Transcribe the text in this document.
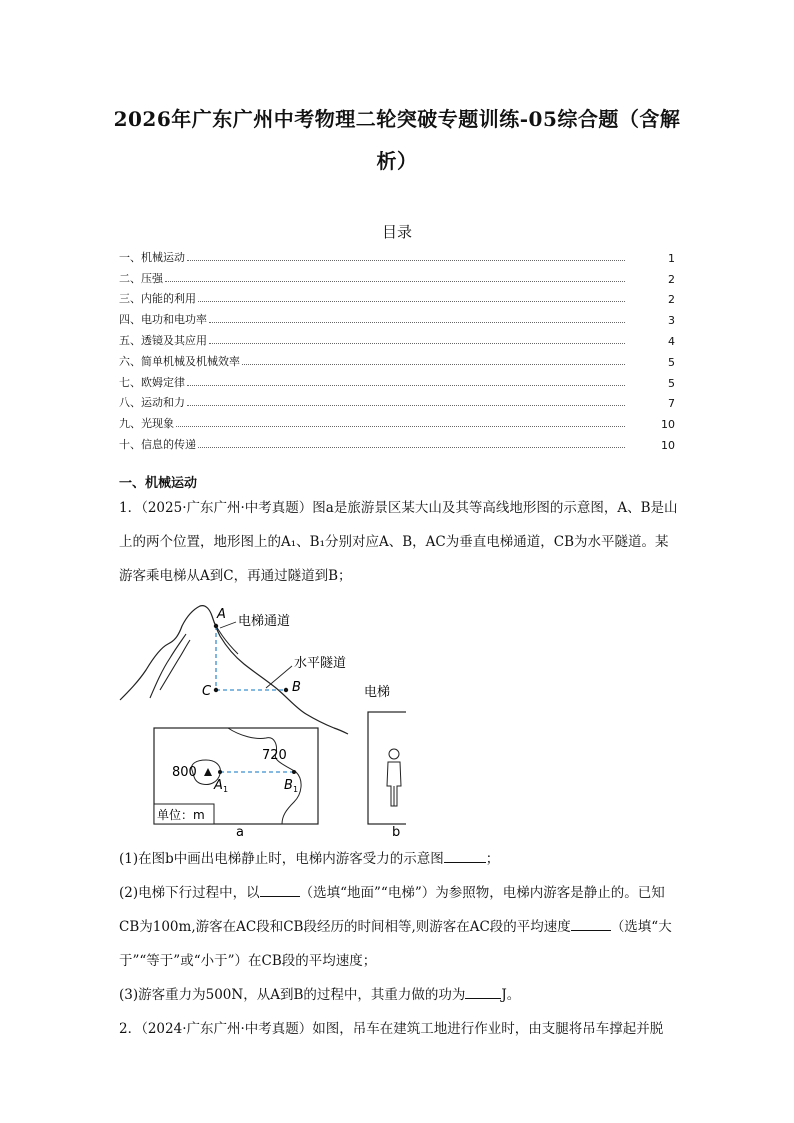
2026年广东广州中考物理二轮突破专题训练-05综合题（含解
析）
目录
一、机械运动	1
二、压强	2
三、内能的利用	2
四、电功和电功率	3
五、透镜及其应用	4
六、简单机械及机械效率	5
七、欧姆定律	5
八、运动和力	7
九、光现象	10
十、信息的传递	10
一、机械运动
1．（2025·广东广州·中考真题）图a是旅游景区某大山及其等高线地形图的示意图，A、B是山上的两个位置，地形图上的A₁、B₁分别对应A、B，AC为垂直电梯通道，CB为水平隧道。某游客乘电梯从A到C，再通过隧道到B；
A
C	B
电梯通道
水平隧道
720
800
A 1	B 1
单位：m
a
电梯
b
(1)在图b中画出电梯静止时，电梯内游客受力的示意图	；
(2)电梯下行过程中，以	（选填“地面”“电梯”）为参照物，电梯内游客是静止的。已知CB为100m,游客在AC段和CB段经历的时间相等,则游客在AC段的平均速度	（选填“大于”“等于”或“小于”）在CB段的平均速度；
(3)游客重力为500N，从A到B的过程中，其重力做的功为	J。
2．（2024·广东广州·中考真题）如图，吊车在建筑工地进行作业时，由支腿将吊车撑起并脱
